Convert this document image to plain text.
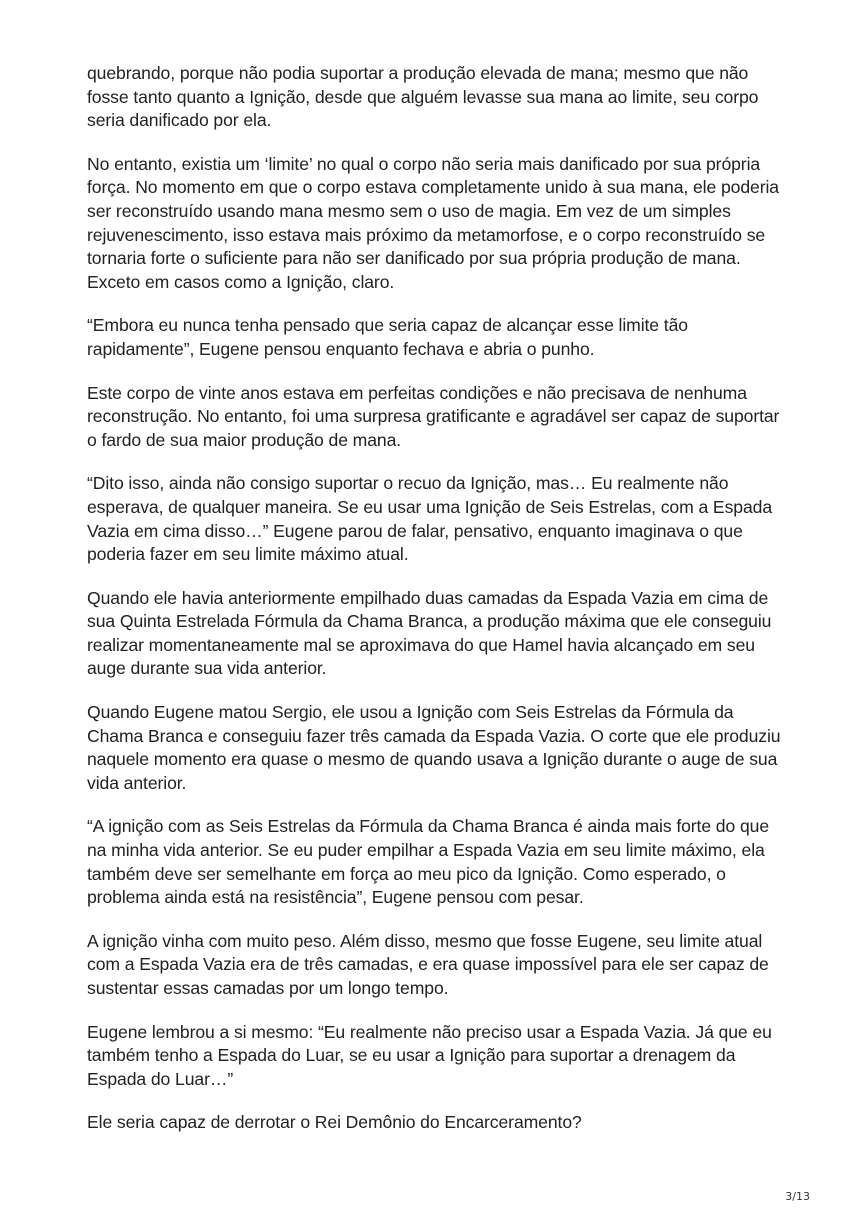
quebrando, porque não podia suportar a produção elevada de mana; mesmo que não fosse tanto quanto a Ignição, desde que alguém levasse sua mana ao limite, seu corpo seria danificado por ela.

No entanto, existia um ‘limite’ no qual o corpo não seria mais danificado por sua própria força. No momento em que o corpo estava completamente unido à sua mana, ele poderia ser reconstruído usando mana mesmo sem o uso de magia. Em vez de um simples rejuvenescimento, isso estava mais próximo da metamorfose, e o corpo reconstruído se tornaria forte o suficiente para não ser danificado por sua própria produção de mana. Exceto em casos como a Ignição, claro.

“Embora eu nunca tenha pensado que seria capaz de alcançar esse limite tão rapidamente”, Eugene pensou enquanto fechava e abria o punho.

Este corpo de vinte anos estava em perfeitas condições e não precisava de nenhuma reconstrução. No entanto, foi uma surpresa gratificante e agradável ser capaz de suportar o fardo de sua maior produção de mana.

“Dito isso, ainda não consigo suportar o recuo da Ignição, mas… Eu realmente não esperava, de qualquer maneira. Se eu usar uma Ignição de Seis Estrelas, com a Espada Vazia em cima disso…” Eugene parou de falar, pensativo, enquanto imaginava o que poderia fazer em seu limite máximo atual.

Quando ele havia anteriormente empilhado duas camadas da Espada Vazia em cima de sua Quinta Estrelada Fórmula da Chama Branca, a produção máxima que ele conseguiu realizar momentaneamente mal se aproximava do que Hamel havia alcançado em seu auge durante sua vida anterior.

Quando Eugene matou Sergio, ele usou a Ignição com Seis Estrelas da Fórmula da Chama Branca e conseguiu fazer três camada da Espada Vazia. O corte que ele produziu naquele momento era quase o mesmo de quando usava a Ignição durante o auge de sua vida anterior.

“A ignição com as Seis Estrelas da Fórmula da Chama Branca é ainda mais forte do que na minha vida anterior. Se eu puder empilhar a Espada Vazia em seu limite máximo, ela também deve ser semelhante em força ao meu pico da Ignição. Como esperado, o problema ainda está na resistência”, Eugene pensou com pesar.

A ignição vinha com muito peso. Além disso, mesmo que fosse Eugene, seu limite atual com a Espada Vazia era de três camadas, e era quase impossível para ele ser capaz de sustentar essas camadas por um longo tempo.

Eugene lembrou a si mesmo: “Eu realmente não preciso usar a Espada Vazia. Já que eu também tenho a Espada do Luar, se eu usar a Ignição para suportar a drenagem da Espada do Luar…”

Ele seria capaz de derrotar o Rei Demônio do Encarceramento?

3/13
